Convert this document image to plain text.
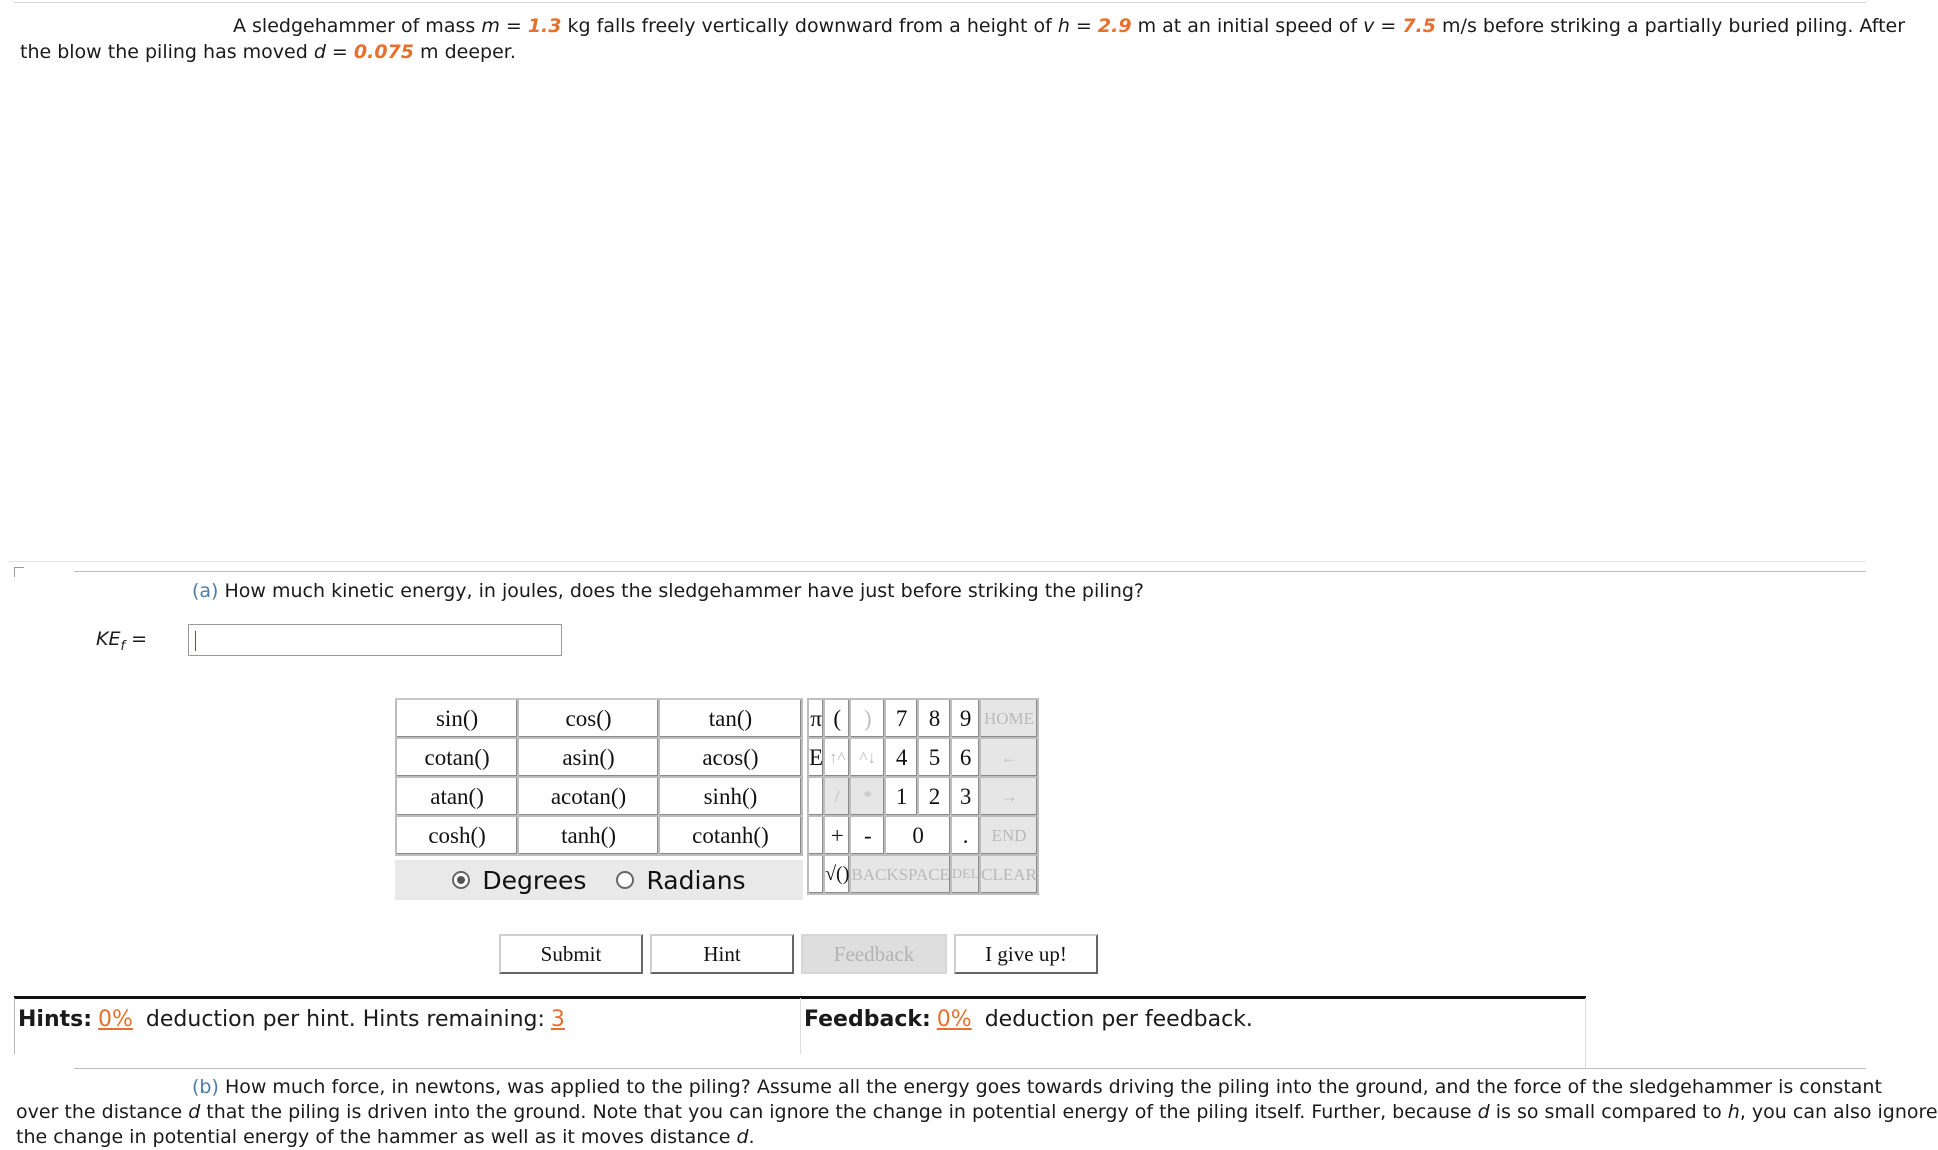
A sledgehammer of mass m = 1.3 kg falls freely vertically downward from a height of h = 2.9 m at an initial speed of v = 7.5 m/s before striking a partially buried piling. After
the blow the piling has moved d = 0.075 m deeper.
(a) How much kinetic energy, in joules, does the sledgehammer have just before striking the piling?
$KE_f$ =
sin()	cos()	tan()
cotan()	asin()	acos()
atan()	acotan()	sinh()
cosh()	tanh()	cotanh()
Degrees Radians
π	(	)	7	8	9	HOME
E	↑^	^↓	4	5	6	←
	/	*	1	2	3	→
	+	-	0		.	END
	√()	BACKSPACE			DEL	CLEAR
Submit	Hint	Feedback	I give up!
Hints: 0% deduction per hint. Hints remaining: 3	Feedback: 0% deduction per feedback.
(b) How much force, in newtons, was applied to the piling? Assume all the energy goes towards driving the piling into the ground, and the force of the sledgehammer is constant
over the distance d that the piling is driven into the ground. Note that you can ignore the change in potential energy of the piling itself. Further, because d is so small compared to h, you can also ignore
the change in potential energy of the hammer as well as it moves distance d.
